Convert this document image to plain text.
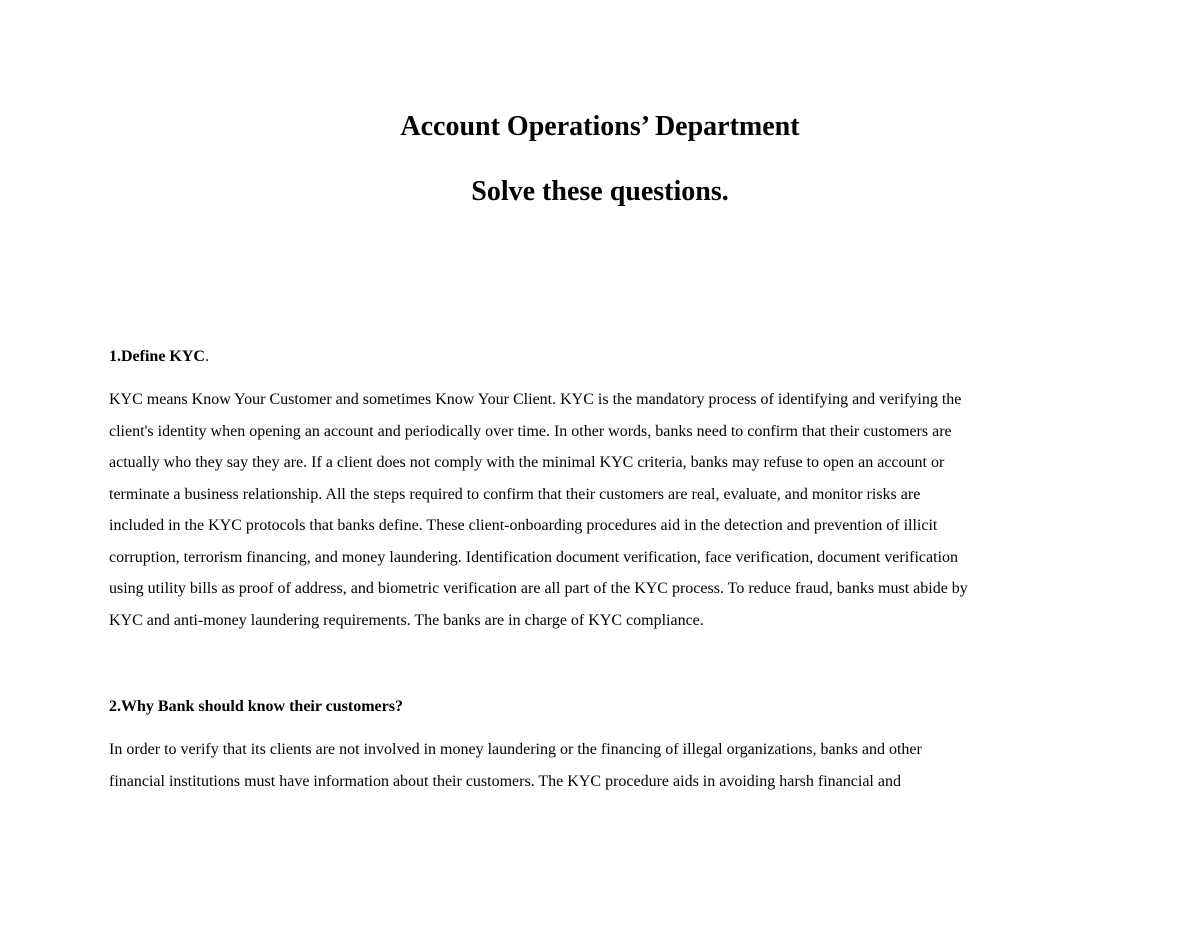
Account Operations’ Department
Solve these questions.

1.Define KYC.

KYC means Know Your Customer and sometimes Know Your Client. KYC is the mandatory process of identifying and verifying the
client's identity when opening an account and periodically over time. In other words, banks need to confirm that their customers are
actually who they say they are. If a client does not comply with the minimal KYC criteria, banks may refuse to open an account or
terminate a business relationship. All the steps required to confirm that their customers are real, evaluate, and monitor risks are
included in the KYC protocols that banks define. These client-onboarding procedures aid in the detection and prevention of illicit
corruption, terrorism financing, and money laundering. Identification document verification, face verification, document verification
using utility bills as proof of address, and biometric verification are all part of the KYC process. To reduce fraud, banks must abide by
KYC and anti-money laundering requirements. The banks are in charge of KYC compliance.

2.Why Bank should know their customers?

In order to verify that its clients are not involved in money laundering or the financing of illegal organizations, banks and other
financial institutions must have information about their customers. The KYC procedure aids in avoiding harsh financial and
